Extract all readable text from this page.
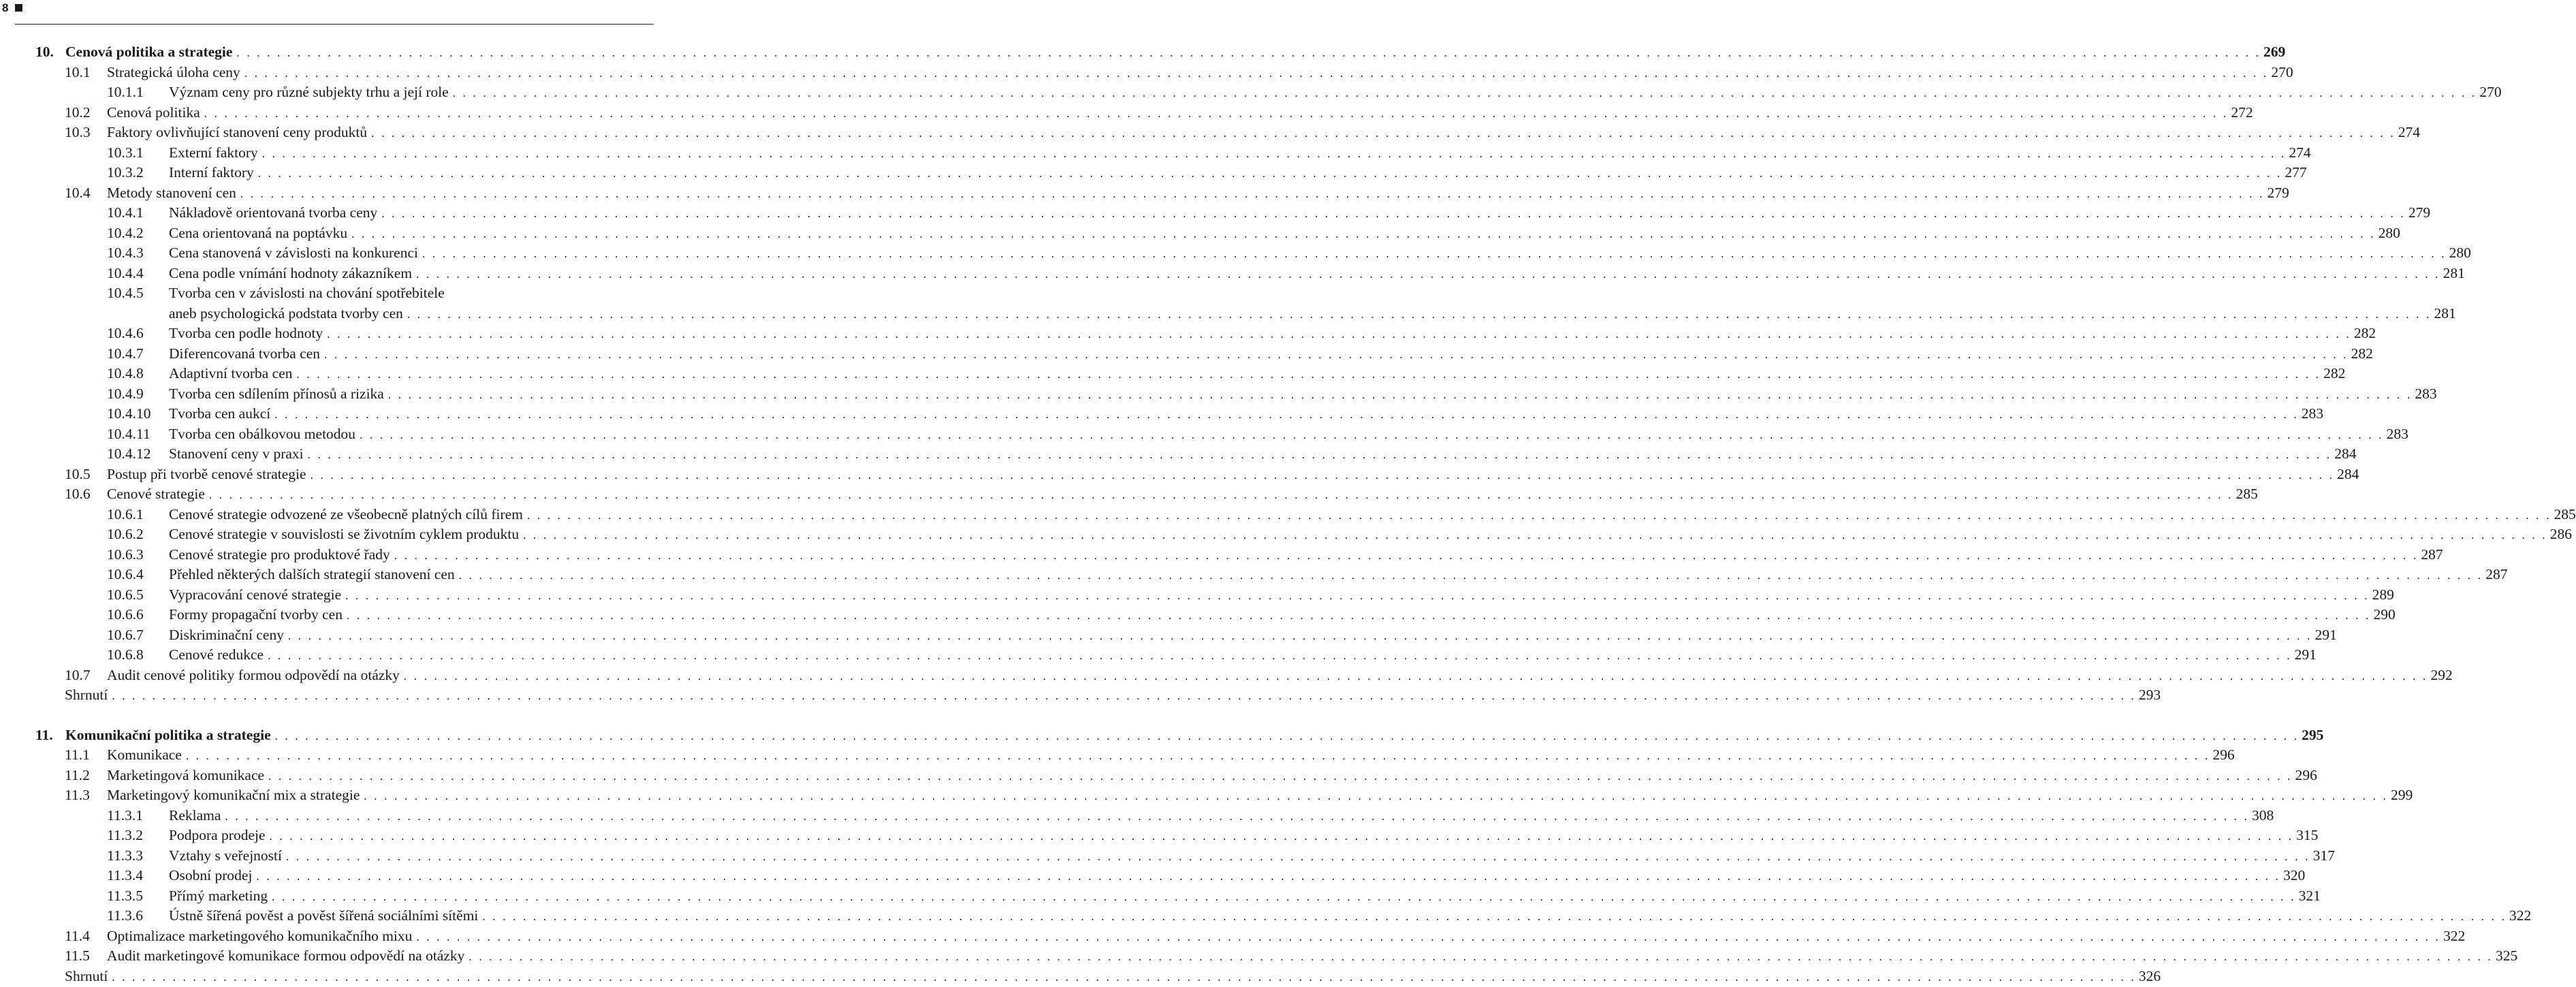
8
10. Cenová politika a strategie . . . . . . . . . . . . . . . . . . . . . . . . . . . . . . . . . . . . . . . . . . . . . . . . . . . . . . . . . . . . . . . . . . . . . . . . . . . . . . . . . . . . . . . . . . . . . . . . . . . . . . . . . . . . . . . . . . . . . . . . . . . . . . . . . . . . . . . . . . . . . . . . . . . . . . . . . . . . . . . . . . . . . . . . . . . . . . . . . . . . . . . . . . . . . . . . . . . . . . . . 269
10.1 Strategická úloha ceny . . . . . . . . . . . . . . . . . . . . . . . . . . . . . . . . . . . . . . . . . . . . . . . . . . . . . . . . . . . . . . . . . . . . . . . . . . . . . . . . . . . . . . . . . . . . . . . . . . . . . . . . . . . . . . . . . . . . . . . . . . . . . . . . . . . . . . . . . . . . . . . . . . . . . . . . . . . . . . . . . . . . . . . . . . . . . . . . . . . . . . . . . . . . . . . . . . . . . . . . 270
10.1.1 Význam ceny pro různé subjekty trhu a její role . . . . . . . . . . . . . . . . . . . . . . . . . . . . . . . . . . . . . . . . . . . . . . . . . . . . . . . . . . . . . . . . . . . . . . . . . . . . . . . . . . . . . . . . . . . . . . . . . . . . . . . . . . . . . . . . . . . . . . . . . . . . . . . . . . . . . . . . . . . . . . . . . . . . . . . . . . . . . . . . . . . . . . . . . . . . . . . . . . . . . . . . . . . . . . . . . . . . . . . . 270
10.2 Cenová politika . . . . . . . . . . . . . . . . . . . . . . . . . . . . . . . . . . . . . . . . . . . . . . . . . . . . . . . . . . . . . . . . . . . . . . . . . . . . . . . . . . . . . . . . . . . . . . . . . . . . . . . . . . . . . . . . . . . . . . . . . . . . . . . . . . . . . . . . . . . . . . . . . . . . . . . . . . . . . . . . . . . . . . . . . . . . . . . . . . . . . . . . . . . . . . . . . . . . . . . . 272
10.3 Faktory ovlivňující stanovení ceny produktů . . . . . . . . . . . . . . . . . . . . . . . . . . . . . . . . . . . . . . . . . . . . . . . . . . . . . . . . . . . . . . . . . . . . . . . . . . . . . . . . . . . . . . . . . . . . . . . . . . . . . . . . . . . . . . . . . . . . . . . . . . . . . . . . . . . . . . . . . . . . . . . . . . . . . . . . . . . . . . . . . . . . . . . . . . . . . . . . . . . . . . . . . . . . . . . . . . . . . . . . 274
10.3.1 Externí faktory . . . . . . . . . . . . . . . . . . . . . . . . . . . . . . . . . . . . . . . . . . . . . . . . . . . . . . . . . . . . . . . . . . . . . . . . . . . . . . . . . . . . . . . . . . . . . . . . . . . . . . . . . . . . . . . . . . . . . . . . . . . . . . . . . . . . . . . . . . . . . . . . . . . . . . . . . . . . . . . . . . . . . . . . . . . . . . . . . . . . . . . . . . . . . . . . . . . . . . . . 274
10.3.2 Interní faktory . . . . . . . . . . . . . . . . . . . . . . . . . . . . . . . . . . . . . . . . . . . . . . . . . . . . . . . . . . . . . . . . . . . . . . . . . . . . . . . . . . . . . . . . . . . . . . . . . . . . . . . . . . . . . . . . . . . . . . . . . . . . . . . . . . . . . . . . . . . . . . . . . . . . . . . . . . . . . . . . . . . . . . . . . . . . . . . . . . . . . . . . . . . . . . . . . . . . . . . . 277
10.4 Metody stanovení cen . . . . . . . . . . . . . . . . . . . . . . . . . . . . . . . . . . . . . . . . . . . . . . . . . . . . . . . . . . . . . . . . . . . . . . . . . . . . . . . . . . . . . . . . . . . . . . . . . . . . . . . . . . . . . . . . . . . . . . . . . . . . . . . . . . . . . . . . . . . . . . . . . . . . . . . . . . . . . . . . . . . . . . . . . . . . . . . . . . . . . . . . . . . . . . . . . . . . . . . . 279
10.4.1 Nákladově orientovaná tvorba ceny . . . . . . . . . . . . . . . . . . . . . . . . . . . . . . . . . . . . . . . . . . . . . . . . . . . . . . . . . . . . . . . . . . . . . . . . . . . . . . . . . . . . . . . . . . . . . . . . . . . . . . . . . . . . . . . . . . . . . . . . . . . . . . . . . . . . . . . . . . . . . . . . . . . . . . . . . . . . . . . . . . . . . . . . . . . . . . . . . . . . . . . . . . . . . . . . . . . . . . . . 279
10.4.2 Cena orientovaná na poptávku . . . . . . . . . . . . . . . . . . . . . . . . . . . . . . . . . . . . . . . . . . . . . . . . . . . . . . . . . . . . . . . . . . . . . . . . . . . . . . . . . . . . . . . . . . . . . . . . . . . . . . . . . . . . . . . . . . . . . . . . . . . . . . . . . . . . . . . . . . . . . . . . . . . . . . . . . . . . . . . . . . . . . . . . . . . . . . . . . . . . . . . . . . . . . . . . . . . . . . . . 280
10.4.3 Cena stanovená v závislosti na konkurenci . . . . . . . . . . . . . . . . . . . . . . . . . . . . . . . . . . . . . . . . . . . . . . . . . . . . . . . . . . . . . . . . . . . . . . . . . . . . . . . . . . . . . . . . . . . . . . . . . . . . . . . . . . . . . . . . . . . . . . . . . . . . . . . . . . . . . . . . . . . . . . . . . . . . . . . . . . . . . . . . . . . . . . . . . . . . . . . . . . . . . . . . . . . . . . . . . . . . . . . . 280
10.4.4 Cena podle vnímání hodnoty zákazníkem . . . . . . . . . . . . . . . . . . . . . . . . . . . . . . . . . . . . . . . . . . . . . . . . . . . . . . . . . . . . . . . . . . . . . . . . . . . . . . . . . . . . . . . . . . . . . . . . . . . . . . . . . . . . . . . . . . . . . . . . . . . . . . . . . . . . . . . . . . . . . . . . . . . . . . . . . . . . . . . . . . . . . . . . . . . . . . . . . . . . . . . . . . . . . . . . . . . . . . . . 281
10.4.5 Tvorba cen v závislosti na chování spotřebitele
aneb psychologická podstata tvorby cen . . . . . . . . . . . . . . . . . . . . . . . . . . . . . . . . . . . . . . . . . . . . . . . . . . . . . . . . . . . . . . . . . . . . . . . . . . . . . . . . . . . . . . . . . . . . . . . . . . . . . . . . . . . . . . . . . . . . . . . . . . . . . . . . . . . . . . . . . . . . . . . . . . . . . . . . . . . . . . . . . . . . . . . . . . . . . . . . . . . . . . . . . . . . . . . . . . . . . . . . 281
10.4.6 Tvorba cen podle hodnoty . . . . . . . . . . . . . . . . . . . . . . . . . . . . . . . . . . . . . . . . . . . . . . . . . . . . . . . . . . . . . . . . . . . . . . . . . . . . . . . . . . . . . . . . . . . . . . . . . . . . . . . . . . . . . . . . . . . . . . . . . . . . . . . . . . . . . . . . . . . . . . . . . . . . . . . . . . . . . . . . . . . . . . . . . . . . . . . . . . . . . . . . . . . . . . . . . . . . . . . . 282
10.4.7 Diferencovaná tvorba cen . . . . . . . . . . . . . . . . . . . . . . . . . . . . . . . . . . . . . . . . . . . . . . . . . . . . . . . . . . . . . . . . . . . . . . . . . . . . . . . . . . . . . . . . . . . . . . . . . . . . . . . . . . . . . . . . . . . . . . . . . . . . . . . . . . . . . . . . . . . . . . . . . . . . . . . . . . . . . . . . . . . . . . . . . . . . . . . . . . . . . . . . . . . . . . . . . . . . . . . . 282
10.4.8 Adaptivní tvorba cen . . . . . . . . . . . . . . . . . . . . . . . . . . . . . . . . . . . . . . . . . . . . . . . . . . . . . . . . . . . . . . . . . . . . . . . . . . . . . . . . . . . . . . . . . . . . . . . . . . . . . . . . . . . . . . . . . . . . . . . . . . . . . . . . . . . . . . . . . . . . . . . . . . . . . . . . . . . . . . . . . . . . . . . . . . . . . . . . . . . . . . . . . . . . . . . . . . . . . . . . 282
10.4.9 Tvorba cen sdílením přínosů a rizika . . . . . . . . . . . . . . . . . . . . . . . . . . . . . . . . . . . . . . . . . . . . . . . . . . . . . . . . . . . . . . . . . . . . . . . . . . . . . . . . . . . . . . . . . . . . . . . . . . . . . . . . . . . . . . . . . . . . . . . . . . . . . . . . . . . . . . . . . . . . . . . . . . . . . . . . . . . . . . . . . . . . . . . . . . . . . . . . . . . . . . . . . . . . . . . . . . . . . . . . 283
10.4.10 Tvorba cen aukcí . . . . . . . . . . . . . . . . . . . . . . . . . . . . . . . . . . . . . . . . . . . . . . . . . . . . . . . . . . . . . . . . . . . . . . . . . . . . . . . . . . . . . . . . . . . . . . . . . . . . . . . . . . . . . . . . . . . . . . . . . . . . . . . . . . . . . . . . . . . . . . . . . . . . . . . . . . . . . . . . . . . . . . . . . . . . . . . . . . . . . . . . . . . . . . . . . . . . . . . . 283
10.4.11 Tvorba cen obálkovou metodou . . . . . . . . . . . . . . . . . . . . . . . . . . . . . . . . . . . . . . . . . . . . . . . . . . . . . . . . . . . . . . . . . . . . . . . . . . . . . . . . . . . . . . . . . . . . . . . . . . . . . . . . . . . . . . . . . . . . . . . . . . . . . . . . . . . . . . . . . . . . . . . . . . . . . . . . . . . . . . . . . . . . . . . . . . . . . . . . . . . . . . . . . . . . . . . . . . . . . . . . 283
10.4.12 Stanovení ceny v praxi . . . . . . . . . . . . . . . . . . . . . . . . . . . . . . . . . . . . . . . . . . . . . . . . . . . . . . . . . . . . . . . . . . . . . . . . . . . . . . . . . . . . . . . . . . . . . . . . . . . . . . . . . . . . . . . . . . . . . . . . . . . . . . . . . . . . . . . . . . . . . . . . . . . . . . . . . . . . . . . . . . . . . . . . . . . . . . . . . . . . . . . . . . . . . . . . . . . . . . . . 284
10.5 Postup při tvorbě cenové strategie . . . . . . . . . . . . . . . . . . . . . . . . . . . . . . . . . . . . . . . . . . . . . . . . . . . . . . . . . . . . . . . . . . . . . . . . . . . . . . . . . . . . . . . . . . . . . . . . . . . . . . . . . . . . . . . . . . . . . . . . . . . . . . . . . . . . . . . . . . . . . . . . . . . . . . . . . . . . . . . . . . . . . . . . . . . . . . . . . . . . . . . . . . . . . . . . . . . . . . . . 284
10.6 Cenové strategie . . . . . . . . . . . . . . . . . . . . . . . . . . . . . . . . . . . . . . . . . . . . . . . . . . . . . . . . . . . . . . . . . . . . . . . . . . . . . . . . . . . . . . . . . . . . . . . . . . . . . . . . . . . . . . . . . . . . . . . . . . . . . . . . . . . . . . . . . . . . . . . . . . . . . . . . . . . . . . . . . . . . . . . . . . . . . . . . . . . . . . . . . . . . . . . . . . . . . . . . 285
10.6.1 Cenové strategie odvozené ze všeobecně platných cílů firem . . . . . . . . . . . . . . . . . . . . . . . . . . . . . . . . . . . . . . . . . . . . . . . . . . . . . . . . . . . . . . . . . . . . . . . . . . . . . . . . . . . . . . . . . . . . . . . . . . . . . . . . . . . . . . . . . . . . . . . . . . . . . . . . . . . . . . . . . . . . . . . . . . . . . . . . . . . . . . . . . . . . . . . . . . . . . . . . . . . . . . . . . . . . . . . . . . . . . . . . 285
10.6.2 Cenové strategie v souvislosti se životním cyklem produktu . . . . . . . . . . . . . . . . . . . . . . . . . . . . . . . . . . . . . . . . . . . . . . . . . . . . . . . . . . . . . . . . . . . . . . . . . . . . . . . . . . . . . . . . . . . . . . . . . . . . . . . . . . . . . . . . . . . . . . . . . . . . . . . . . . . . . . . . . . . . . . . . . . . . . . . . . . . . . . . . . . . . . . . . . . . . . . . . . . . . . . . . . . . . . . . . . . . . . . . . 286
10.6.3 Cenové strategie pro produktové řady . . . . . . . . . . . . . . . . . . . . . . . . . . . . . . . . . . . . . . . . . . . . . . . . . . . . . . . . . . . . . . . . . . . . . . . . . . . . . . . . . . . . . . . . . . . . . . . . . . . . . . . . . . . . . . . . . . . . . . . . . . . . . . . . . . . . . . . . . . . . . . . . . . . . . . . . . . . . . . . . . . . . . . . . . . . . . . . . . . . . . . . . . . . . . . . . . . . . . . . . 287
10.6.4 Přehled některých dalších strategií stanovení cen . . . . . . . . . . . . . . . . . . . . . . . . . . . . . . . . . . . . . . . . . . . . . . . . . . . . . . . . . . . . . . . . . . . . . . . . . . . . . . . . . . . . . . . . . . . . . . . . . . . . . . . . . . . . . . . . . . . . . . . . . . . . . . . . . . . . . . . . . . . . . . . . . . . . . . . . . . . . . . . . . . . . . . . . . . . . . . . . . . . . . . . . . . . . . . . . . . . . . . . . 287
10.6.5 Vypracování cenové strategie . . . . . . . . . . . . . . . . . . . . . . . . . . . . . . . . . . . . . . . . . . . . . . . . . . . . . . . . . . . . . . . . . . . . . . . . . . . . . . . . . . . . . . . . . . . . . . . . . . . . . . . . . . . . . . . . . . . . . . . . . . . . . . . . . . . . . . . . . . . . . . . . . . . . . . . . . . . . . . . . . . . . . . . . . . . . . . . . . . . . . . . . . . . . . . . . . . . . . . . . 289
10.6.6 Formy propagační tvorby cen . . . . . . . . . . . . . . . . . . . . . . . . . . . . . . . . . . . . . . . . . . . . . . . . . . . . . . . . . . . . . . . . . . . . . . . . . . . . . . . . . . . . . . . . . . . . . . . . . . . . . . . . . . . . . . . . . . . . . . . . . . . . . . . . . . . . . . . . . . . . . . . . . . . . . . . . . . . . . . . . . . . . . . . . . . . . . . . . . . . . . . . . . . . . . . . . . . . . . . . . 290
10.6.7 Diskriminační ceny . . . . . . . . . . . . . . . . . . . . . . . . . . . . . . . . . . . . . . . . . . . . . . . . . . . . . . . . . . . . . . . . . . . . . . . . . . . . . . . . . . . . . . . . . . . . . . . . . . . . . . . . . . . . . . . . . . . . . . . . . . . . . . . . . . . . . . . . . . . . . . . . . . . . . . . . . . . . . . . . . . . . . . . . . . . . . . . . . . . . . . . . . . . . . . . . . . . . . . . . 291
10.6.8 Cenové redukce . . . . . . . . . . . . . . . . . . . . . . . . . . . . . . . . . . . . . . . . . . . . . . . . . . . . . . . . . . . . . . . . . . . . . . . . . . . . . . . . . . . . . . . . . . . . . . . . . . . . . . . . . . . . . . . . . . . . . . . . . . . . . . . . . . . . . . . . . . . . . . . . . . . . . . . . . . . . . . . . . . . . . . . . . . . . . . . . . . . . . . . . . . . . . . . . . . . . . . . . 291
10.7 Audit cenové politiky formou odpovědí na otázky . . . . . . . . . . . . . . . . . . . . . . . . . . . . . . . . . . . . . . . . . . . . . . . . . . . . . . . . . . . . . . . . . . . . . . . . . . . . . . . . . . . . . . . . . . . . . . . . . . . . . . . . . . . . . . . . . . . . . . . . . . . . . . . . . . . . . . . . . . . . . . . . . . . . . . . . . . . . . . . . . . . . . . . . . . . . . . . . . . . . . . . . . . . . . . . . . . . . . . . . 292
Shrnutí . . . . . . . . . . . . . . . . . . . . . . . . . . . . . . . . . . . . . . . . . . . . . . . . . . . . . . . . . . . . . . . . . . . . . . . . . . . . . . . . . . . . . . . . . . . . . . . . . . . . . . . . . . . . . . . . . . . . . . . . . . . . . . . . . . . . . . . . . . . . . . . . . . . . . . . . . . . . . . . . . . . . . . . . . . . . . . . . . . . . . . . . . . . . . . . . . . . . . . . . 293
11. Komunikační politika a strategie . . . . . . . . . . . . . . . . . . . . . . . . . . . . . . . . . . . . . . . . . . . . . . . . . . . . . . . . . . . . . . . . . . . . . . . . . . . . . . . . . . . . . . . . . . . . . . . . . . . . . . . . . . . . . . . . . . . . . . . . . . . . . . . . . . . . . . . . . . . . . . . . . . . . . . . . . . . . . . . . . . . . . . . . . . . . . . . . . . . . . . . . . . . . . . . . . . . . . . . . 295
11.1 Komunikace . . . . . . . . . . . . . . . . . . . . . . . . . . . . . . . . . . . . . . . . . . . . . . . . . . . . . . . . . . . . . . . . . . . . . . . . . . . . . . . . . . . . . . . . . . . . . . . . . . . . . . . . . . . . . . . . . . . . . . . . . . . . . . . . . . . . . . . . . . . . . . . . . . . . . . . . . . . . . . . . . . . . . . . . . . . . . . . . . . . . . . . . . . . . . . . . . . . . . . . . 296
11.2 Marketingová komunikace . . . . . . . . . . . . . . . . . . . . . . . . . . . . . . . . . . . . . . . . . . . . . . . . . . . . . . . . . . . . . . . . . . . . . . . . . . . . . . . . . . . . . . . . . . . . . . . . . . . . . . . . . . . . . . . . . . . . . . . . . . . . . . . . . . . . . . . . . . . . . . . . . . . . . . . . . . . . . . . . . . . . . . . . . . . . . . . . . . . . . . . . . . . . . . . . . . . . . . . . 296
11.3 Marketingový komunikační mix a strategie . . . . . . . . . . . . . . . . . . . . . . . . . . . . . . . . . . . . . . . . . . . . . . . . . . . . . . . . . . . . . . . . . . . . . . . . . . . . . . . . . . . . . . . . . . . . . . . . . . . . . . . . . . . . . . . . . . . . . . . . . . . . . . . . . . . . . . . . . . . . . . . . . . . . . . . . . . . . . . . . . . . . . . . . . . . . . . . . . . . . . . . . . . . . . . . . . . . . . . . . 299
11.3.1 Reklama . . . . . . . . . . . . . . . . . . . . . . . . . . . . . . . . . . . . . . . . . . . . . . . . . . . . . . . . . . . . . . . . . . . . . . . . . . . . . . . . . . . . . . . . . . . . . . . . . . . . . . . . . . . . . . . . . . . . . . . . . . . . . . . . . . . . . . . . . . . . . . . . . . . . . . . . . . . . . . . . . . . . . . . . . . . . . . . . . . . . . . . . . . . . . . . . . . . . . . . . 308
11.3.2 Podpora prodeje . . . . . . . . . . . . . . . . . . . . . . . . . . . . . . . . . . . . . . . . . . . . . . . . . . . . . . . . . . . . . . . . . . . . . . . . . . . . . . . . . . . . . . . . . . . . . . . . . . . . . . . . . . . . . . . . . . . . . . . . . . . . . . . . . . . . . . . . . . . . . . . . . . . . . . . . . . . . . . . . . . . . . . . . . . . . . . . . . . . . . . . . . . . . . . . . . . . . . . . . 315
11.3.3 Vztahy s veřejností . . . . . . . . . . . . . . . . . . . . . . . . . . . . . . . . . . . . . . . . . . . . . . . . . . . . . . . . . . . . . . . . . . . . . . . . . . . . . . . . . . . . . . . . . . . . . . . . . . . . . . . . . . . . . . . . . . . . . . . . . . . . . . . . . . . . . . . . . . . . . . . . . . . . . . . . . . . . . . . . . . . . . . . . . . . . . . . . . . . . . . . . . . . . . . . . . . . . . . . . 317
11.3.4 Osobní prodej . . . . . . . . . . . . . . . . . . . . . . . . . . . . . . . . . . . . . . . . . . . . . . . . . . . . . . . . . . . . . . . . . . . . . . . . . . . . . . . . . . . . . . . . . . . . . . . . . . . . . . . . . . . . . . . . . . . . . . . . . . . . . . . . . . . . . . . . . . . . . . . . . . . . . . . . . . . . . . . . . . . . . . . . . . . . . . . . . . . . . . . . . . . . . . . . . . . . . . . . 320
11.3.5 Přímý marketing . . . . . . . . . . . . . . . . . . . . . . . . . . . . . . . . . . . . . . . . . . . . . . . . . . . . . . . . . . . . . . . . . . . . . . . . . . . . . . . . . . . . . . . . . . . . . . . . . . . . . . . . . . . . . . . . . . . . . . . . . . . . . . . . . . . . . . . . . . . . . . . . . . . . . . . . . . . . . . . . . . . . . . . . . . . . . . . . . . . . . . . . . . . . . . . . . . . . . . . . 321
11.3.6 Ústně šířená pověst a pověst šířená sociálními sítěmi . . . . . . . . . . . . . . . . . . . . . . . . . . . . . . . . . . . . . . . . . . . . . . . . . . . . . . . . . . . . . . . . . . . . . . . . . . . . . . . . . . . . . . . . . . . . . . . . . . . . . . . . . . . . . . . . . . . . . . . . . . . . . . . . . . . . . . . . . . . . . . . . . . . . . . . . . . . . . . . . . . . . . . . . . . . . . . . . . . . . . . . . . . . . . . . . . . . . . . . . 322
11.4 Optimalizace marketingového komunikačního mixu . . . . . . . . . . . . . . . . . . . . . . . . . . . . . . . . . . . . . . . . . . . . . . . . . . . . . . . . . . . . . . . . . . . . . . . . . . . . . . . . . . . . . . . . . . . . . . . . . . . . . . . . . . . . . . . . . . . . . . . . . . . . . . . . . . . . . . . . . . . . . . . . . . . . . . . . . . . . . . . . . . . . . . . . . . . . . . . . . . . . . . . . . . . . . . . . . . . . . . . . 322
11.5 Audit marketingové komunikace formou odpovědí na otázky . . . . . . . . . . . . . . . . . . . . . . . . . . . . . . . . . . . . . . . . . . . . . . . . . . . . . . . . . . . . . . . . . . . . . . . . . . . . . . . . . . . . . . . . . . . . . . . . . . . . . . . . . . . . . . . . . . . . . . . . . . . . . . . . . . . . . . . . . . . . . . . . . . . . . . . . . . . . . . . . . . . . . . . . . . . . . . . . . . . . . . . . . . . . . . . . . . . . . . . . 325
Shrnutí . . . . . . . . . . . . . . . . . . . . . . . . . . . . . . . . . . . . . . . . . . . . . . . . . . . . . . . . . . . . . . . . . . . . . . . . . . . . . . . . . . . . . . . . . . . . . . . . . . . . . . . . . . . . . . . . . . . . . . . . . . . . . . . . . . . . . . . . . . . . . . . . . . . . . . . . . . . . . . . . . . . . . . . . . . . . . . . . . . . . . . . . . . . . . . . . . . . . . . . . 326
